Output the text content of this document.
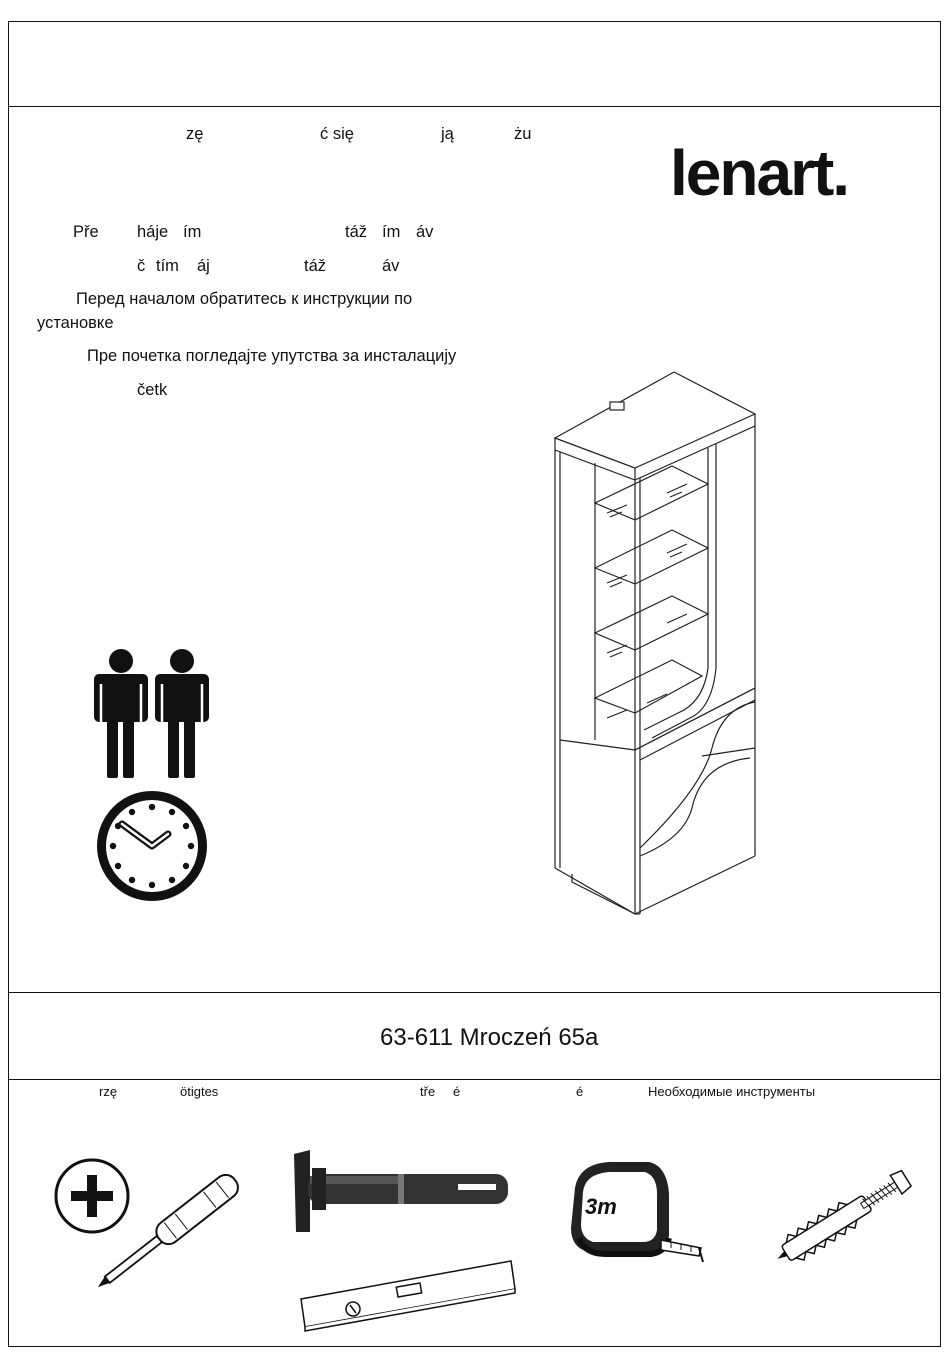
zę	ć się	ją	żu
Pře háje ím	táž ím áv
č tím áj	táž	áv
Перед началом обратитесь к инструкции по
установке
Пре почетка погледајте упутства за инсталацију
četk
lenart.
63-611 Mroczeń 65a
rzę	ötigtes	tře é	é	Необходимые инструменты
3m
